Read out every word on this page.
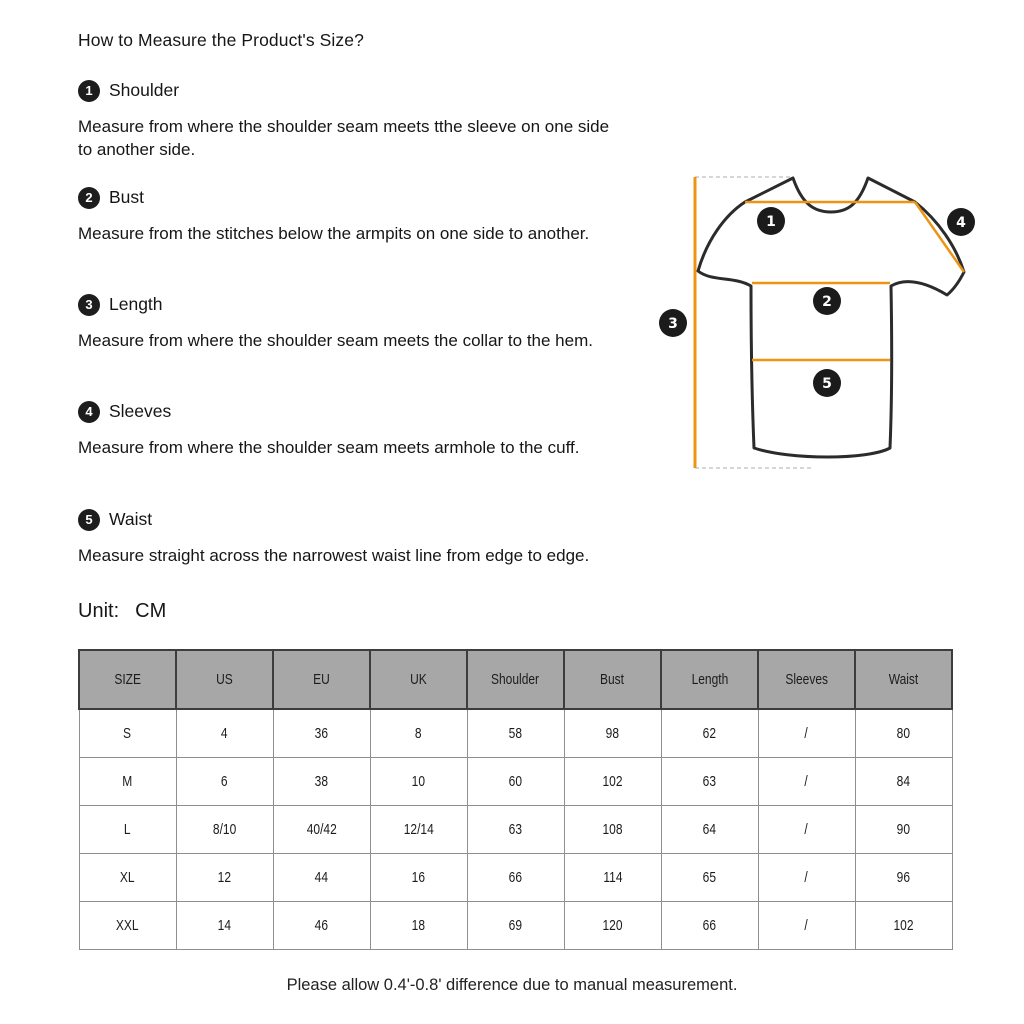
How to Measure the Product's Size?
1 Shoulder

Measure from where the shoulder seam meets tthe sleeve on one side to another side.

2 Bust

Measure from the stitches below the armpits on one side to another.

3 Length

Measure from where the shoulder seam meets the collar to the hem.

4 Sleeves

Measure from where the shoulder seam meets armhole to the cuff.

5 Waist

Measure straight across the narrowest waist line from edge to edge.

1
2
3
4
5
Unit: CM
SIZE	US	EU	UK	Shoulder	Bust	Length	Sleeves	Waist
S	4	36	8	58	98	62	/	80
M	6	38	10	60	102	63	/	84
L	8/10	40/42	12/14	63	108	64	/	90
XL	12	44	16	66	114	65	/	96
XXL	14	46	18	69	120	66	/	102
Please allow 0.4'-0.8' difference due to manual measurement.
